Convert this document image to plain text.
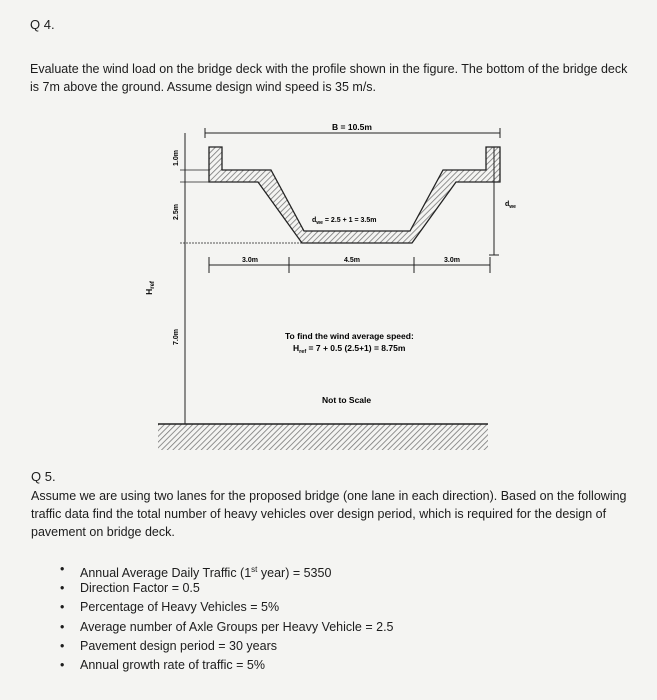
Q 4.
Evaluate the wind load on the bridge deck with the profile shown in the figure. The bottom of the bridge deck is 7m above the ground. Assume design wind speed is 35 m/s.
B = 10.5m
1.0m
2.5m
7.0m
$H_{ref}$
3.0m	4.5m	3.0m
$d_{we}$
$d_{we} = 2.5 + 1 = 3.5m$
To find the wind average speed:
$H_{ref} = 7 + 0.5$ (2.5+1) = 8.75m
Not to Scale
Q 5.
Assume we are using two lanes for the proposed bridge (one lane in each direction). Based on the following traffic data find the total number of heavy vehicles over design period, which is required for the design of pavement on bridge deck.
• Annual Average Daily Traffic (1st year) = 5350
• Direction Factor = 0.5
• Percentage of Heavy Vehicles = 5%
• Average number of Axle Groups per Heavy Vehicle = 2.5
• Pavement design period = 30 years
• Annual growth rate of traffic = 5%
